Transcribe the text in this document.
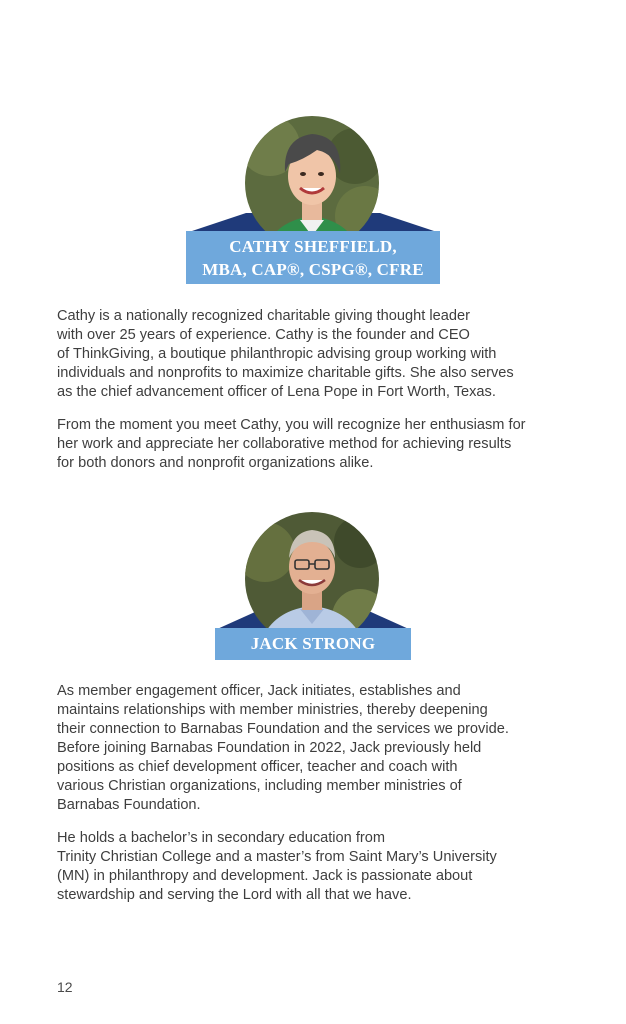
CATHY SHEFFIELD,
MBA, CAP®, CSPG®, CFRE

Cathy is a nationally recognized charitable giving thought leader
with over 25 years of experience. Cathy is the founder and CEO
of ThinkGiving, a boutique philanthropic advising group working with
individuals and nonprofits to maximize charitable gifts. She also serves
as the chief advancement officer of Lena Pope in Fort Worth, Texas.

From the moment you meet Cathy, you will recognize her enthusiasm for
her work and appreciate her collaborative method for achieving results
for both donors and nonprofit organizations alike.

JACK STRONG

As member engagement officer, Jack initiates, establishes and
maintains relationships with member ministries, thereby deepening
their connection to Barnabas Foundation and the services we provide.
Before joining Barnabas Foundation in 2022, Jack previously held
positions as chief development officer, teacher and coach with
various Christian organizations, including member ministries of
Barnabas Foundation.

He holds a bachelor’s in secondary education from
Trinity Christian College and a master’s from Saint Mary’s University
(MN) in philanthropy and development. Jack is passionate about
stewardship and serving the Lord with all that we have.

12
